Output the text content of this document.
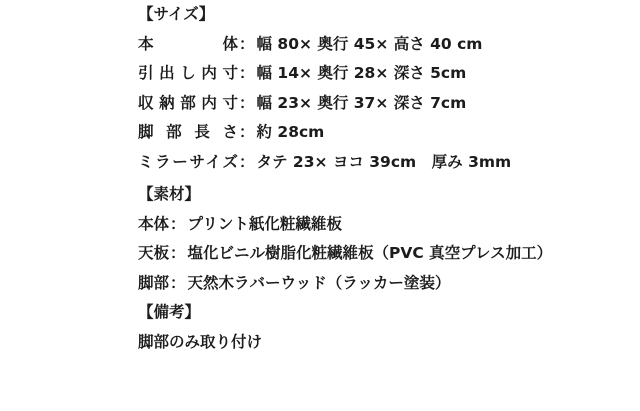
【サイズ】
本体： 幅 80× 奥行 45× 高さ 40 cm
引出し内寸： 幅 14× 奥行 28× 深さ 5cm
収納部内寸： 幅 23× 奥行 37× 深さ 7cm
脚部長さ： 約 28cm
ミラーサイズ： タテ 23× ヨコ 39cm　厚み 3mm
【素材】
本体： プリント紙化粧繊維板
天板： 塩化ビニル樹脂化粧繊維板（PVC 真空プレス加工）
脚部： 天然木ラバーウッド（ラッカー塗装）
【備考】
脚部のみ取り付け
